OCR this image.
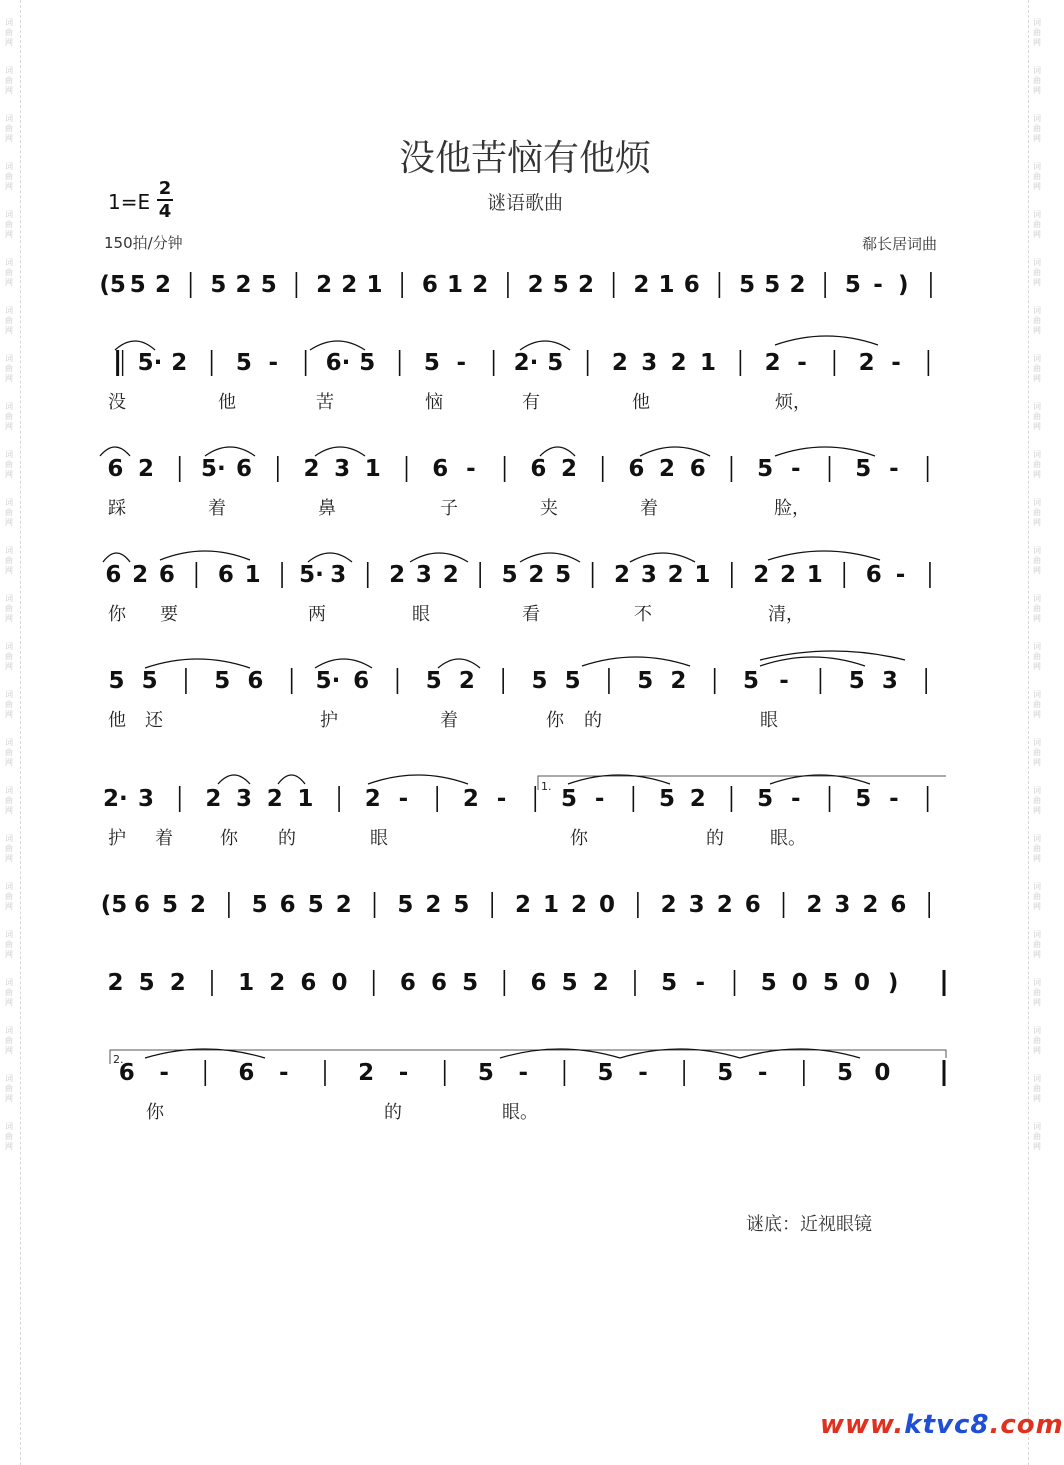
词
曲
网
词
曲
网
词
曲
网
词
曲
网
词
曲
网
词
曲
网
词
曲
网
词
曲
网
词
曲
网
词
曲
网
词
曲
网
词
曲
网
词
曲
网
词
曲
网
词
曲
网
词
曲
网
词
曲
网
词
曲
网
词
曲
网
词
曲
网
词
曲
网
词
曲
网
词
曲
网
词
曲
网
词
曲
网
词
曲
网
词
曲
网
词
曲
网
词
曲
网
词
曲
网
词
曲
网
词
曲
网
词
曲
网
词
曲
网
词
曲
网
词
曲
网
词
曲
网
词
曲
网
词
曲
网
词
曲
网
词
曲
网
词
曲
网
词
曲
网
词
曲
网
词
曲
网
词
曲
网
词
曲
网
词
曲
网
没他苦恼有他烦
谜语歌曲
1=E
2
4
150拍/分钟	郗长居词曲
(5 5 2 5 2 5 2 2 1 6 1 2 2 5 2 2 1 6 5 5 2 5 - )
5· 2 5 - 6· 5 5 - 2· 5 2 3 2 1 2 - 2 -
没	他	苦	恼	有	他	烦，
6 2 5· 6 2 3 1 6 - 6 2 6 2 6 5 - 5 -
踩	着	鼻	子	夹	着	脸，
6 2 6 6 1 5· 3 2 3 2 5 2 5 2 3 2 1 2 2 1 6 -
你 要	两	眼	看	不	清，
5 5 5 6 5· 6 5 2 5 5 5 2 5 -	5 3
他 还	护	着	你 的	眼
2· 3 2 3 2 1 2 - 2 - 5 - 5 2 5 - 5 -
护 着	你 的	眼	你	的	眼。
(5 6 5 2 5 6 5 2 5 2 5 2 1 2 0 2 3 2 6 2 3 2 6
2 5 2 1 2 6 0 6 6 5 6 5 2 5 - 5 0 5 0 )
6 -	6 -	2 -	5 -	5 -	5 -	5 0
你	的	眼。
1.
2.
谜底：近视眼镜
www.ktvc8.com
